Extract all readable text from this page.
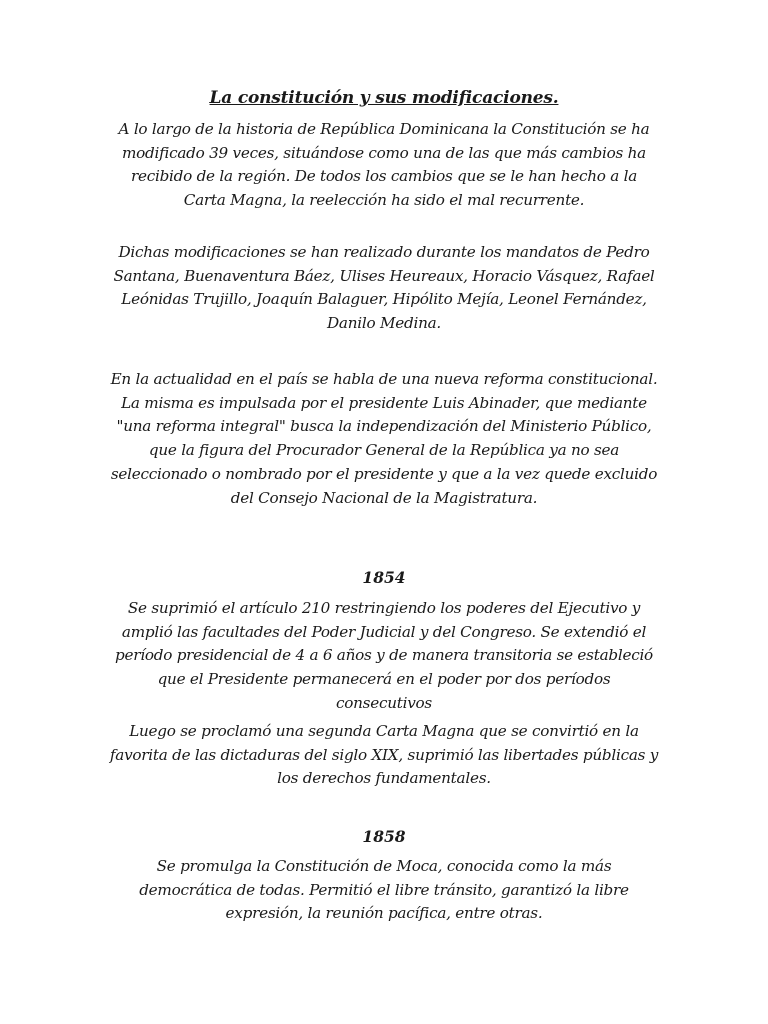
La constitución y sus modificaciones.

A lo largo de la historia de República Dominicana la Constitución se ha modificado 39 veces, situándose como una de las que más cambios ha recibido de la región. De todos los cambios que se le han hecho a la Carta Magna, la reelección ha sido el mal recurrente.

Dichas modificaciones se han realizado durante los mandatos de Pedro Santana, Buenaventura Báez, Ulises Heureaux, Horacio Vásquez, Rafael Leónidas Trujillo, Joaquín Balaguer, Hipólito Mejía, Leonel Fernández, Danilo Medina.

En la actualidad en el país se habla de una nueva reforma constitucional. La misma es impulsada por el presidente Luis Abinader, que mediante "una reforma integral" busca la independización del Ministerio Público, que la figura del Procurador General de la República ya no sea seleccionado o nombrado por el presidente y que a la vez quede excluido del Consejo Nacional de la Magistratura.

1854

Se suprimió el artículo 210 restringiendo los poderes del Ejecutivo y amplió las facultades del Poder Judicial y del Congreso. Se extendió el período presidencial de 4 a 6 años y de manera transitoria se estableció que el Presidente permanecerá en el poder por dos períodos consecutivos

Luego se proclamó una segunda Carta Magna que se convirtió en la favorita de las dictaduras del siglo XIX, suprimió las libertades públicas y los derechos fundamentales.

1858

Se promulga la Constitución de Moca, conocida como la más democrática de todas. Permitió el libre tránsito, garantizó la libre expresión, la reunión pacífica, entre otras.
